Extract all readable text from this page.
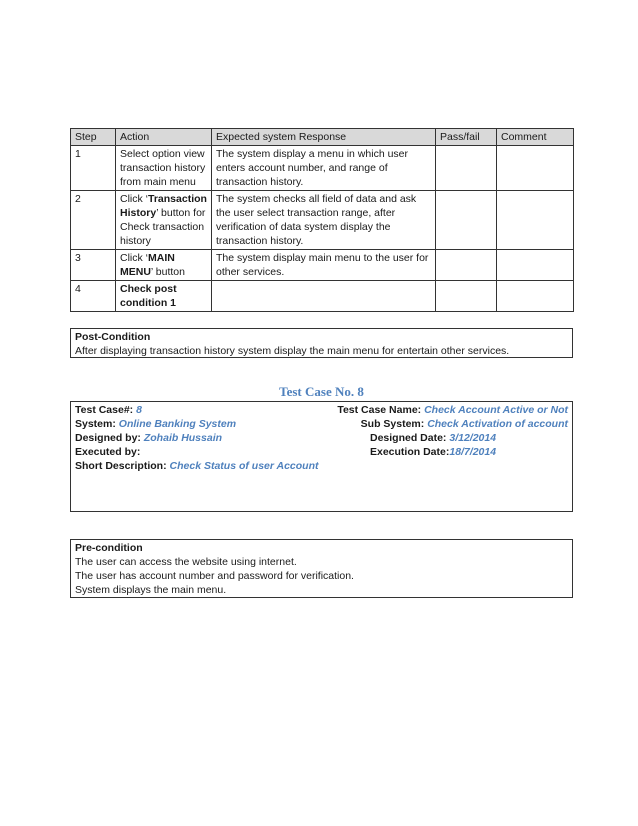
Step	Action	Expected system Response	Pass/fail	Comment
1	Select option view transaction history from main menu	The system display a menu in which user enters account number, and range of transaction history.		
2	Click ‘Transaction History’ button for Check transaction history	The system checks all field of data and ask the user select transaction range, after verification of data system display the transaction history.		
3	Click ‘MAIN MENU’ button	The system display main menu to the user for other services.		
4	Check post condition 1			
Post-Condition
After displaying transaction history system display the main menu for entertain other services.
Test Case No. 8
Test Case#: 8	Test Case Name: Check Account Active or Not
System: Online Banking System	Sub System: Check Activation of account
Designed by: Zohaib Hussain	Designed Date: 3/12/2014
Executed by:	Execution Date:18/7/2014
Short Description: Check Status of user Account
Pre-condition
The user can access the website using internet.
The user has account number and password for verification.
System displays the main menu.
